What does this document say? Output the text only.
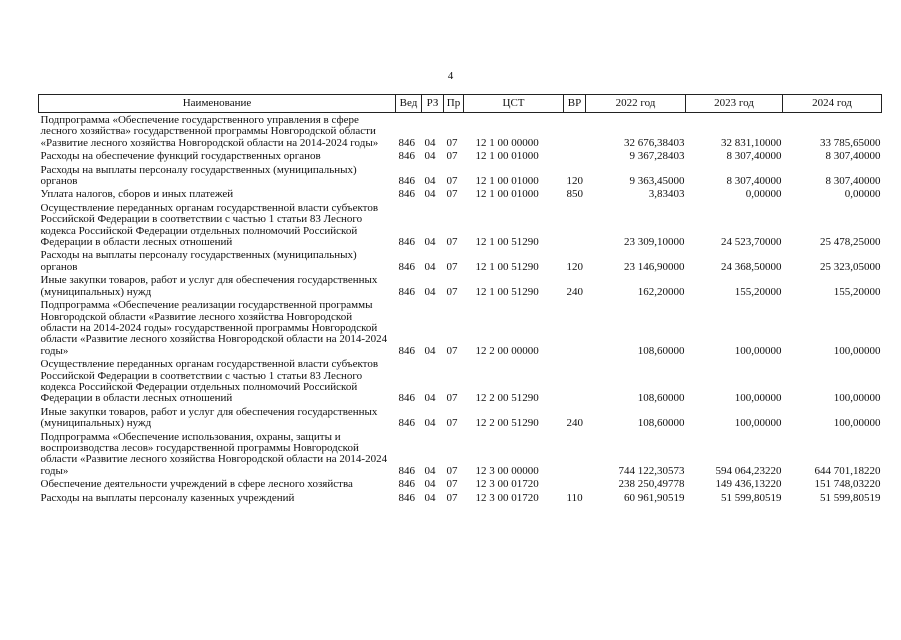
4
Наименование	Вед	РЗ	Пр	ЦСТ	ВР	2022 год	2023 год	2024 год
Подпрограмма «Обеспечение государственного управления в сфере лесного хозяйства» государственной программы Новгородской области «Развитие лесного хозяйства Новгородской области на 2014-2024 годы»	846	04	07	12 1 00 00000		32 676,38403	32 831,10000	33 785,65000
Расходы на обеспечение функций государственных органов	846	04	07	12 1 00 01000		9 367,28403	8 307,40000	8 307,40000
Расходы на выплаты персоналу государственных (муниципальных) органов	846	04	07	12 1 00 01000	120	9 363,45000	8 307,40000	8 307,40000
Уплата налогов, сборов и иных платежей	846	04	07	12 1 00 01000	850	3,83403	0,00000	0,00000
Осуществление переданных органам государственной власти субъектов Российской Федерации в соответствии с частью 1 статьи 83 Лесного кодекса Российской Федерации отдельных полномочий Российской Федерации в области лесных отношений	846	04	07	12 1 00 51290		23 309,10000	24 523,70000	25 478,25000
Расходы на выплаты персоналу государственных (муниципальных) органов	846	04	07	12 1 00 51290	120	23 146,90000	24 368,50000	25 323,05000
Иные закупки товаров, работ и услуг для обеспечения государственных (муниципальных) нужд	846	04	07	12 1 00 51290	240	162,20000	155,20000	155,20000
Подпрограмма «Обеспечение реализации государственной программы Новгородской области «Развитие лесного хозяйства Новгородской области на 2014-2024 годы» государственной программы Новгородской области «Развитие лесного хозяйства Новгородской области на 2014-2024 годы»	846	04	07	12 2 00 00000		108,60000	100,00000	100,00000
Осуществление переданных органам государственной власти субъектов Российской Федерации в соответствии с частью 1 статьи 83 Лесного кодекса Российской Федерации отдельных полномочий Российской Федерации в области лесных отношений	846	04	07	12 2 00 51290		108,60000	100,00000	100,00000
Иные закупки товаров, работ и услуг для обеспечения государственных (муниципальных) нужд	846	04	07	12 2 00 51290	240	108,60000	100,00000	100,00000
Подпрограмма «Обеспечение использования, охраны, защиты и воспроизводства лесов» государственной программы Новгородской области «Развитие лесного хозяйства Новгородской области на 2014-2024 годы»	846	04	07	12 3 00 00000		744 122,30573	594 064,23220	644 701,18220
Обеспечение деятельности учреждений в сфере лесного хозяйства	846	04	07	12 3 00 01720		238 250,49778	149 436,13220	151 748,03220
Расходы на выплаты персоналу казенных учреждений	846	04	07	12 3 00 01720	110	60 961,90519	51 599,80519	51 599,80519
